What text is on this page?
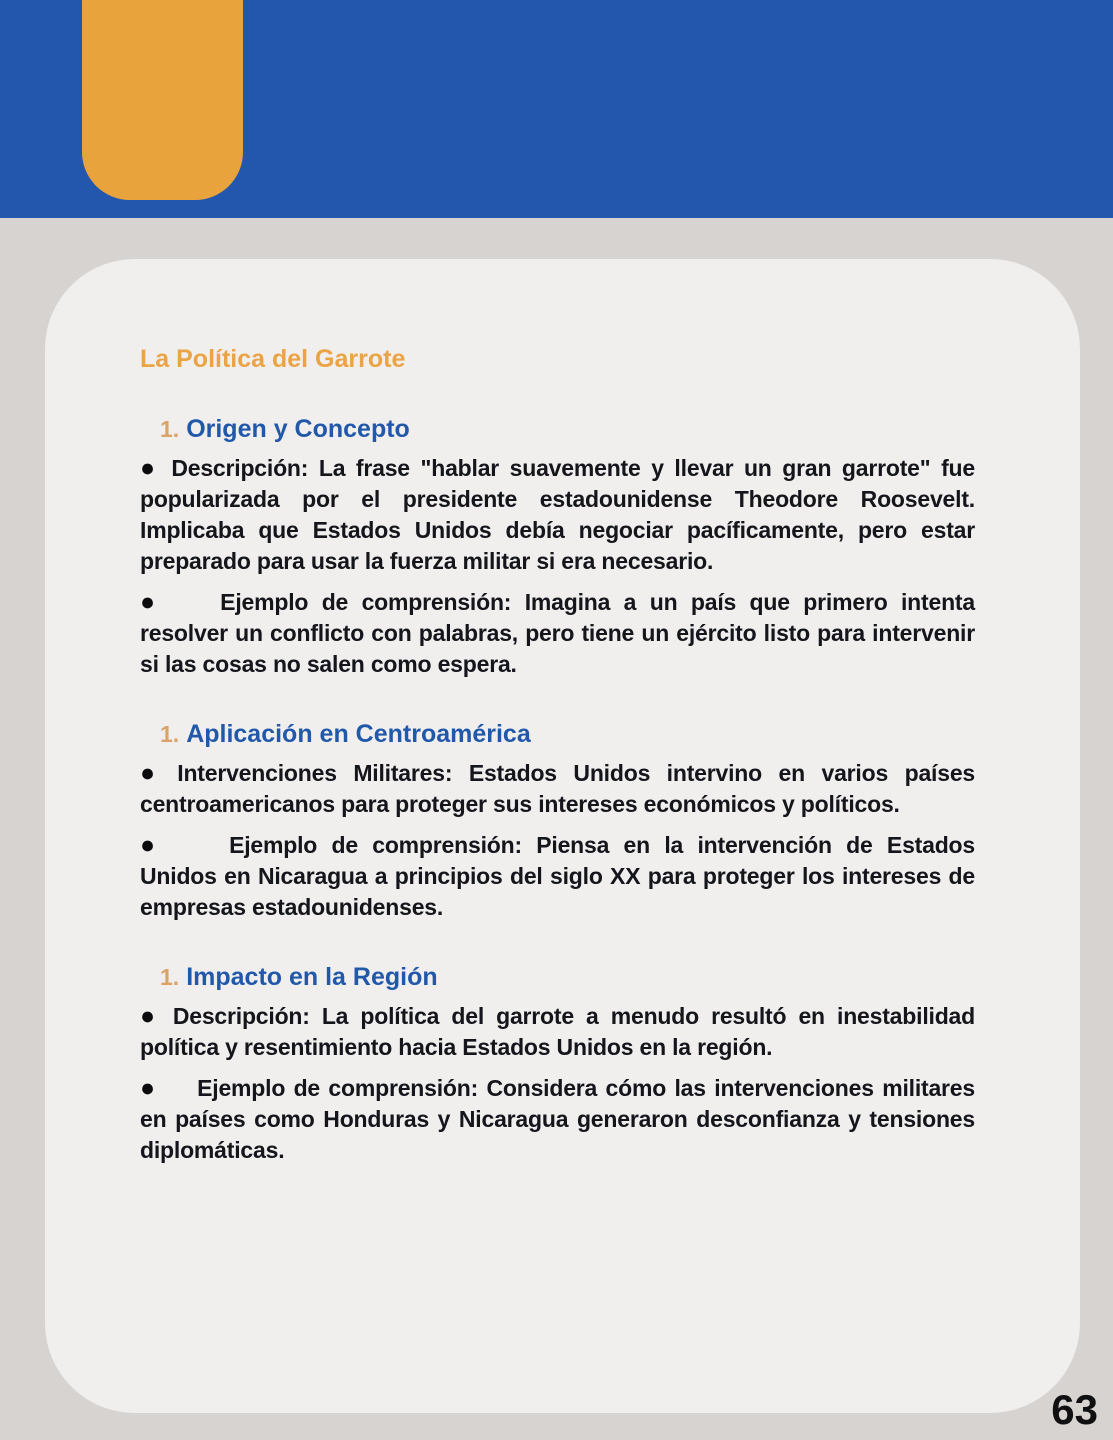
La Política del Garrote
1. Origen y Concepto

● Descripción: La frase "hablar suavemente y llevar un gran garrote" fue popularizada por el presidente estadounidense Theodore Roosevelt. Implicaba que Estados Unidos debía negociar pacíficamente, pero estar preparado para usar la fuerza militar si era necesario.

●	Ejemplo de comprensión: Imagina a un país que primero intenta resolver un conflicto con palabras, pero tiene un ejército listo para intervenir si las cosas no salen como espera.

1. Aplicación en Centroamérica

● Intervenciones Militares: Estados Unidos intervino en varios países centroamericanos para proteger sus intereses económicos y políticos.

●	Ejemplo de comprensión: Piensa en la intervención de Estados Unidos en Nicaragua a principios del siglo XX para proteger los intereses de empresas estadounidenses.

1. Impacto en la Región

● Descripción: La política del garrote a menudo resultó en inestabilidad política y resentimiento hacia Estados Unidos en la región.

● Ejemplo de comprensión: Considera cómo las intervenciones militares en países como Honduras y Nicaragua generaron desconfianza y tensiones diplomáticas.

63
